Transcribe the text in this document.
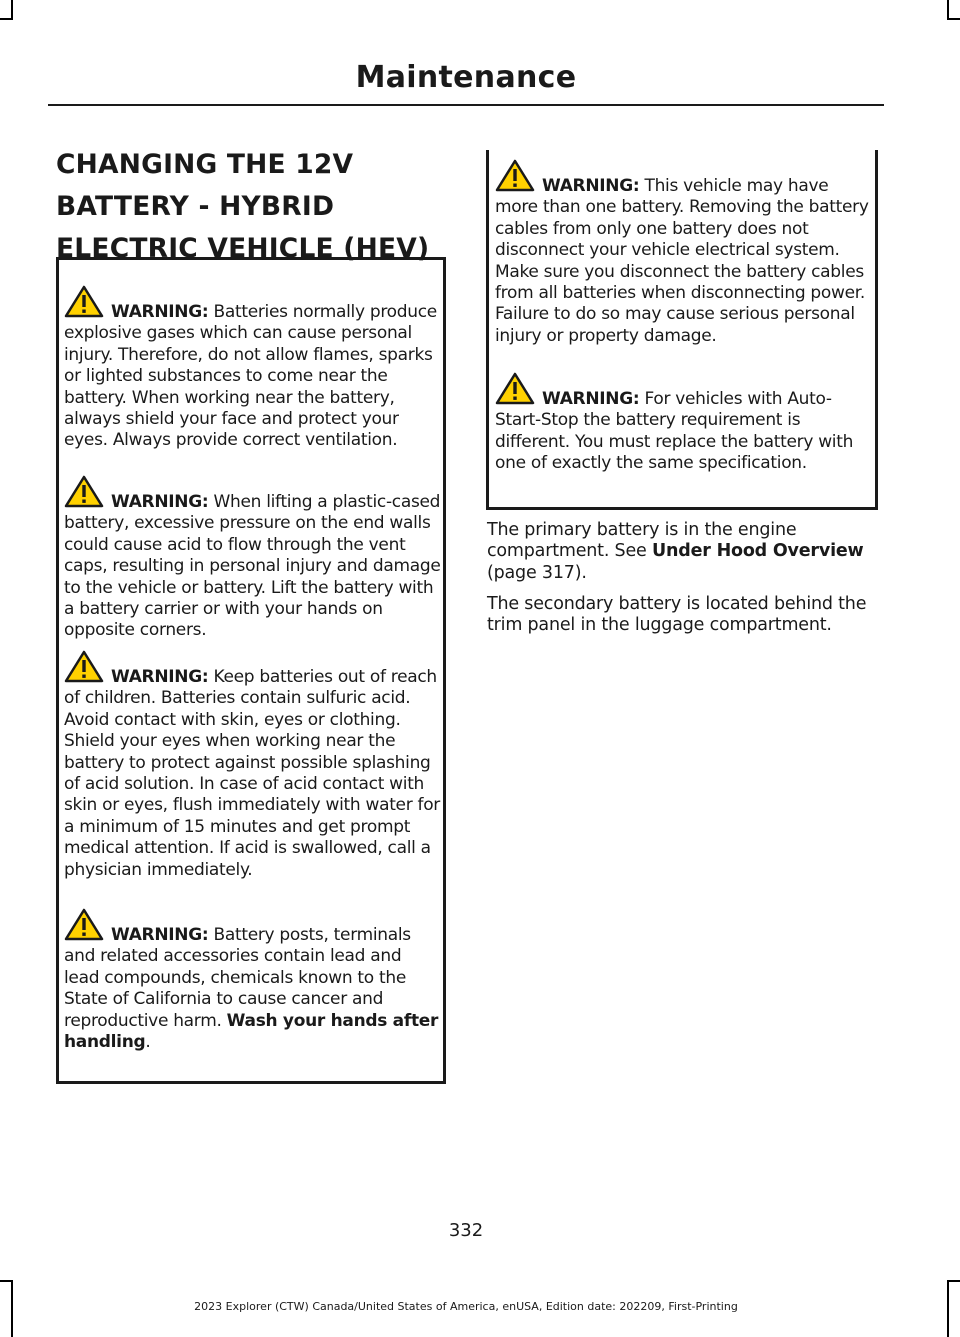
Maintenance
CHANGING THE 12V BATTERY - HYBRID ELECTRIC VEHICLE (HEV)

WARNING: Batteries normally produce explosive gases which can cause personal injury. Therefore, do not allow flames, sparks or lighted substances to come near the battery. When working near the battery, always shield your face and protect your eyes. Always provide correct ventilation.

WARNING: When lifting a plastic-cased battery, excessive pressure on the end walls could cause acid to flow through the vent caps, resulting in personal injury and damage to the vehicle or battery. Lift the battery with a battery carrier or with your hands on opposite corners.

WARNING: Keep batteries out of reach of children. Batteries contain sulfuric acid. Avoid contact with skin, eyes or clothing. Shield your eyes when working near the battery to protect against possible splashing of acid solution. In case of acid contact with skin or eyes, flush immediately with water for a minimum of 15 minutes and get prompt medical attention. If acid is swallowed, call a physician immediately.

WARNING: Battery posts, terminals and related accessories contain lead and lead compounds, chemicals known to the State of California to cause cancer and reproductive harm. Wash your hands after handling.

WARNING: This vehicle may have more than one battery. Removing the battery cables from only one battery does not disconnect your vehicle electrical system. Make sure you disconnect the battery cables from all batteries when disconnecting power. Failure to do so may cause serious personal injury or property damage.

WARNING: For vehicles with Auto-Start-Stop the battery requirement is different. You must replace the battery with one of exactly the same specification.

The primary battery is in the engine compartment. See Under Hood Overview (page 317).

The secondary battery is located behind the trim panel in the luggage compartment.

332
2023 Explorer (CTW) Canada/United States of America, enUSA, Edition date: 202209, First-Printing
